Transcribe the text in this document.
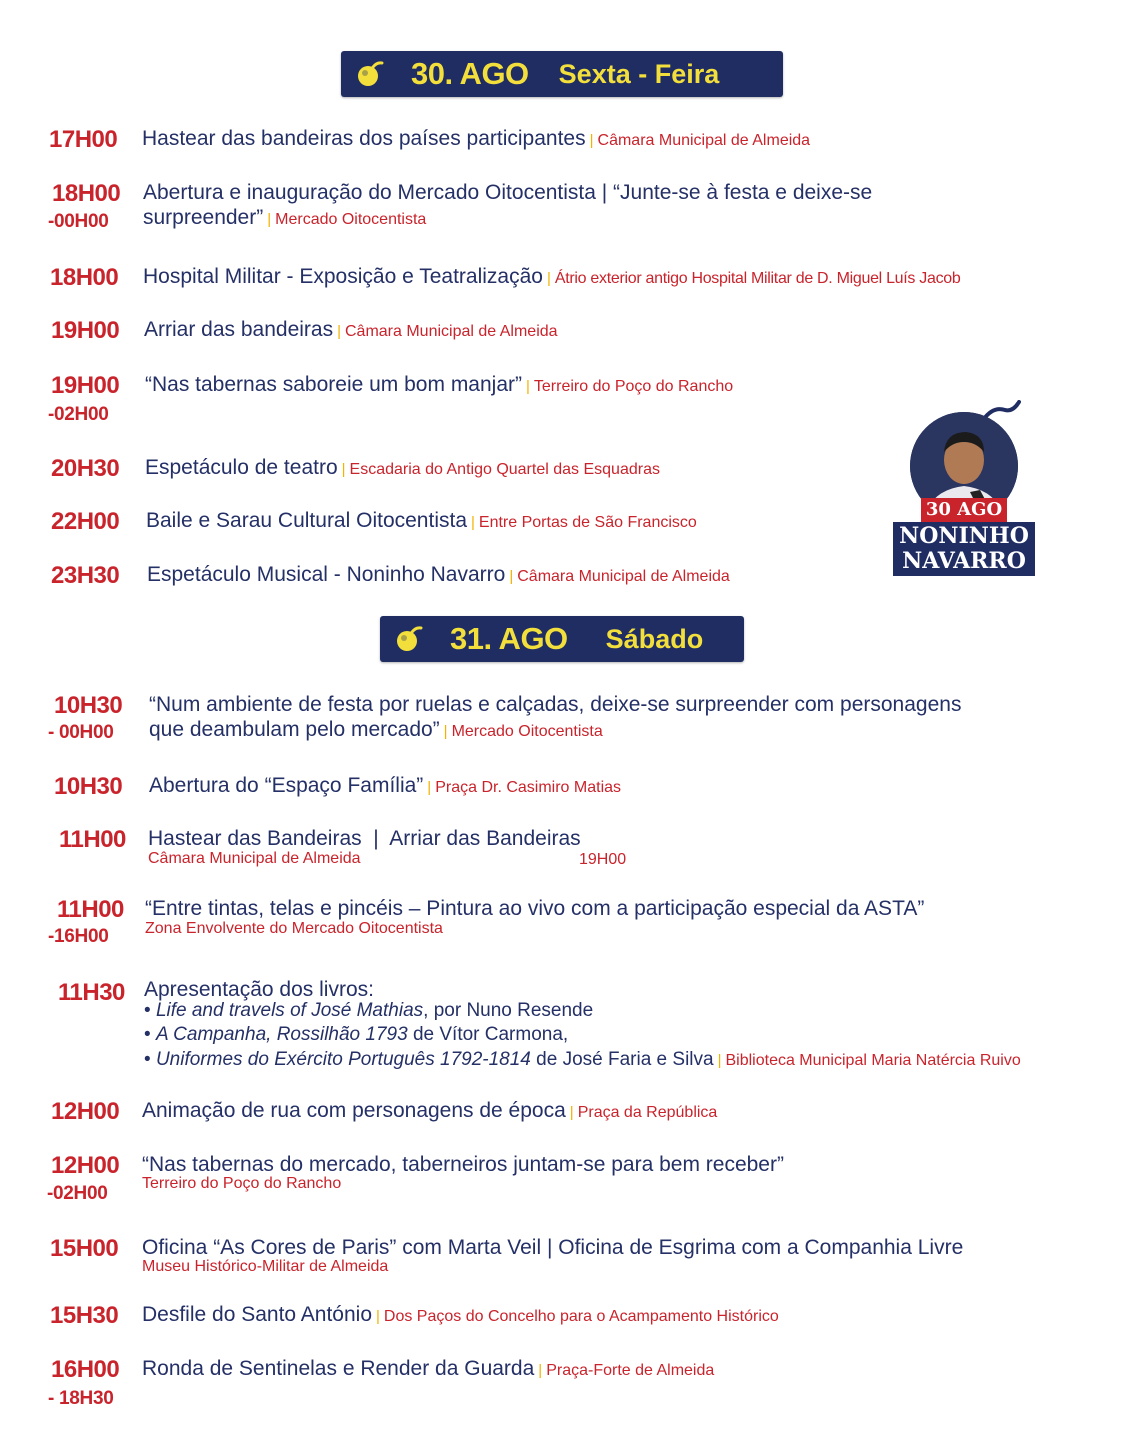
30. AGO Sexta - Feira
17H00 Hastear das bandeiras dos países participantes | Câmara Municipal de Almeida
18H00
-00H00
Abertura e inauguração do Mercado Oitocentista | “Junte-se à festa e deixe-se
surpreender” | Mercado Oitocentista
18H00 Hospital Militar - Exposição e Teatralização | Átrio exterior antigo Hospital Militar de D. Miguel Luís Jacob
19H00 Arriar das bandeiras | Câmara Municipal de Almeida
19H00
-02H00
“Nas tabernas saboreie um bom manjar” | Terreiro do Poço do Rancho
20H30 Espetáculo de teatro | Escadaria do Antigo Quartel das Esquadras
22H00 Baile e Sarau Cultural Oitocentista | Entre Portas de São Francisco
23H30 Espetáculo Musical - Noninho Navarro | Câmara Municipal de Almeida
30 AGO
NONINHO
NAVARRO
31. AGO Sábado
10H30
- 00H00
“Num ambiente de festa por ruelas e calçadas, deixe-se surpreender com personagens
que deambulam pelo mercado” | Mercado Oitocentista
10H30 Abertura do “Espaço Família” | Praça Dr. Casimiro Matias
11H00 Hastear das Bandeiras  |  Arriar das Bandeiras
Câmara Municipal de Almeida	19H00
11H00
-16H00
“Entre tintas, telas e pincéis – Pintura ao vivo com a participação especial da ASTA”
Zona Envolvente do Mercado Oitocentista
11H30 Apresentação dos livros:
• Life and travels of José Mathias, por Nuno Resende
• A Campanha, Rossilhão 1793 de Vítor Carmona,
• Uniformes do Exército Português 1792-1814 de José Faria e Silva | Biblioteca Municipal Maria Natércia Ruivo
12H00 Animação de rua com personagens de época | Praça da República
12H00
-02H00
“Nas tabernas do mercado, taberneiros juntam-se para bem receber”
Terreiro do Poço do Rancho
15H00 Oficina “As Cores de Paris” com Marta Veil | Oficina de Esgrima com a Companhia Livre
Museu Histórico-Militar de Almeida
15H30 Desfile do Santo António | Dos Paços do Concelho para o Acampamento Histórico
16H00
- 18H30
Ronda de Sentinelas e Render da Guarda | Praça-Forte de Almeida
